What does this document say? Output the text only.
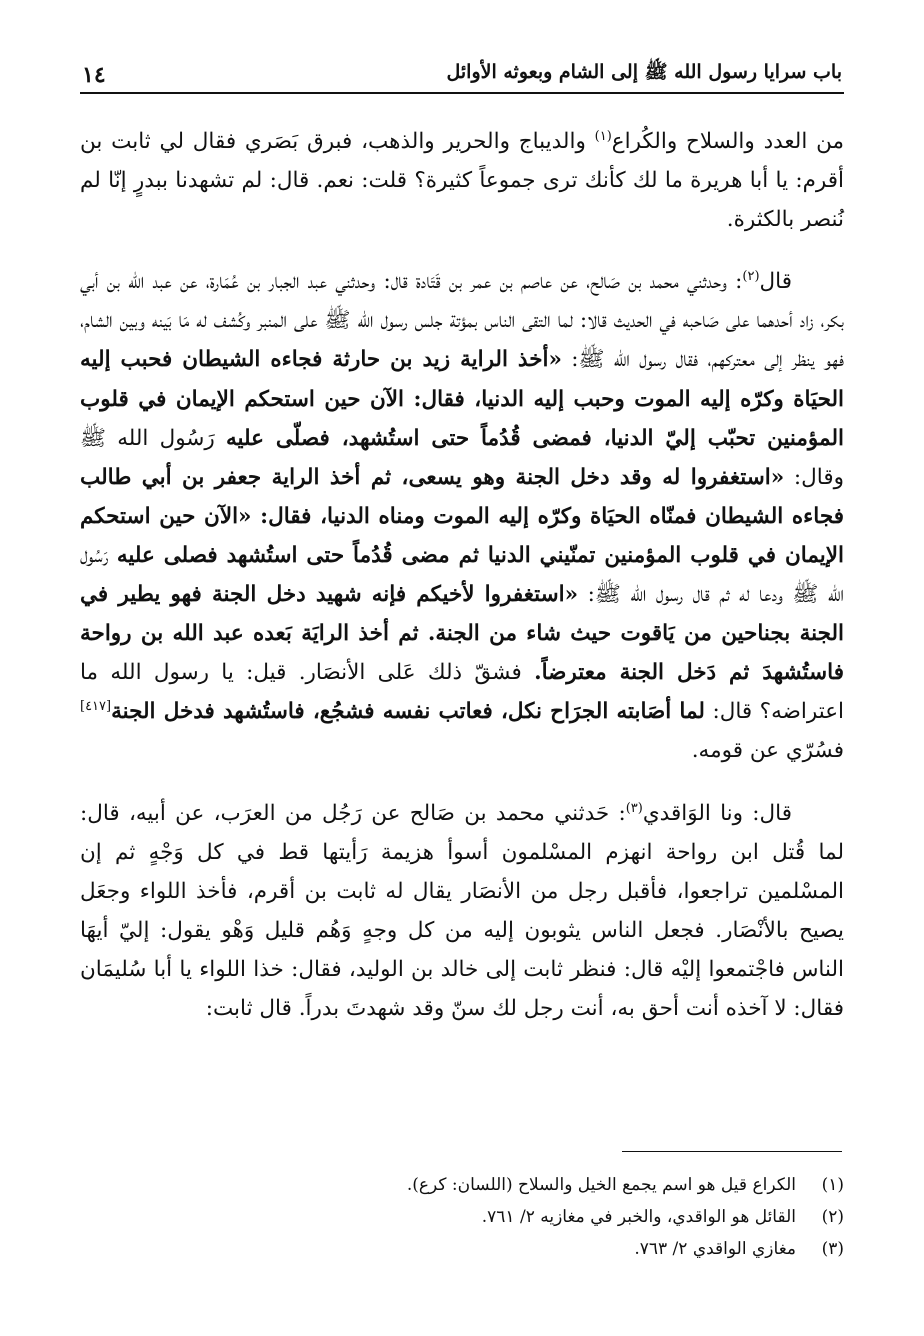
باب سرايا رسول الله ﷺ إلى الشام وبعوثه الأوائل
١٤

من العدد والسلاح والكُراع$^{(١)}$ والديباج والحرير والذهب، فبرق بَصَري فقال لي ثابت بن أقرم: يا أبا هريرة ما لك كأنك ترى جموعاً كثيرة؟ قلت: نعم. قال: لم تشهدنا ببدرٍ إنّا لم نُنصر بالكثرة.

قال$^{(٢)}$: وحدثني محمد بن صَالح، عن عاصم بن عمر بن قَتَادة قال: وحدثني عبد الجبار بن عُمَارة، عن عبد الله بن أبي بكر، زاد أحدهما على صَاحبه في الحديث قالا: لما التقى الناس بمؤتة جلس رسول الله ﷺ على المنبر وكُشف له مَا بَينه وبين الشام، فهو ينظر إلى معتركهم، فقال رسول الله ﷺ: «أخذ الراية زيد بن حارثة فجاءه الشيطان فحبب إليه الحيَاة وكرّه إليه الموت وحبب إليه الدنيا، فقال: الآن حين استحكم الإيمان في قلوب المؤمنين تحبّب إليّ الدنيا، فمضى قُدُماً حتى استُشهد، فصلّى عليه رَسُول الله ﷺ وقال: «استغفروا له وقد دخل الجنة وهو يسعى، ثم أخذ الراية جعفر بن أبي طالب فجاءه الشيطان فمنّاه الحيَاة وكرّه إليه الموت ومناه الدنيا، فقال: «الآن حين استحكم الإيمان في قلوب المؤمنين تمنّيني الدنيا ثم مضى قُدُماً حتى استُشهد فصلى عليه رَسُول الله ﷺ ودعا له ثم قال رسول الله ﷺ: «استغفروا لأخيكم فإنه شهيد دخل الجنة فهو يطير في الجنة بجناحين من يَاقوت حيث شاء من الجنة. ثم أخذ الرايَة بَعده عبد الله بن رواحة فاستُشهدَ ثم دَخل الجنة معترضاً. فشقّ ذلك عَلى الأنصَار. قيل: يا رسول الله ما اعتراضه؟ قال: لما أصَابته الجرَاح نكل، فعاتب نفسه فشجُع، فاستُشهد فدخل الجنة[٤١٧] فسُرّي عن قومه.

قال: ونا الوَاقدي$^{(٣)}$: حَدثني محمد بن صَالح عن رَجُل من العرَب، عن أبيه، قال: لما قُتل ابن رواحة انهزم المسْلمون أسوأ هزيمة رَأيتها قط في كل وَجْهٍ ثم إن المسْلمين تراجعوا، فأقبل رجل من الأنصَار يقال له ثابت بن أقرم، فأخذ اللواء وجعَل يصيح بالأنْصَار. فجعل الناس يثوبون إليه من كل وجهٍ وَهُم قليل وَهْو يقول: إليّ أيهَا الناس فاجْتمعوا إليْه قال: فنظر ثابت إلى خالد بن الوليد، فقال: خذا اللواء يا أبا سُليمَان فقال: لا آخذه أنت أحق به، أنت رجل لك سنّ وقد شهدتَ بدراً. قال ثابت:

(١)
الكراع قيل هو اسم يجمع الخيل والسلاح (اللسان: كرع).
(٢)
القائل هو الواقدي، والخبر في مغازيه ٢/ ٧٦١.
(٣)
مغازي الواقدي ٢/ ٧٦٣.
